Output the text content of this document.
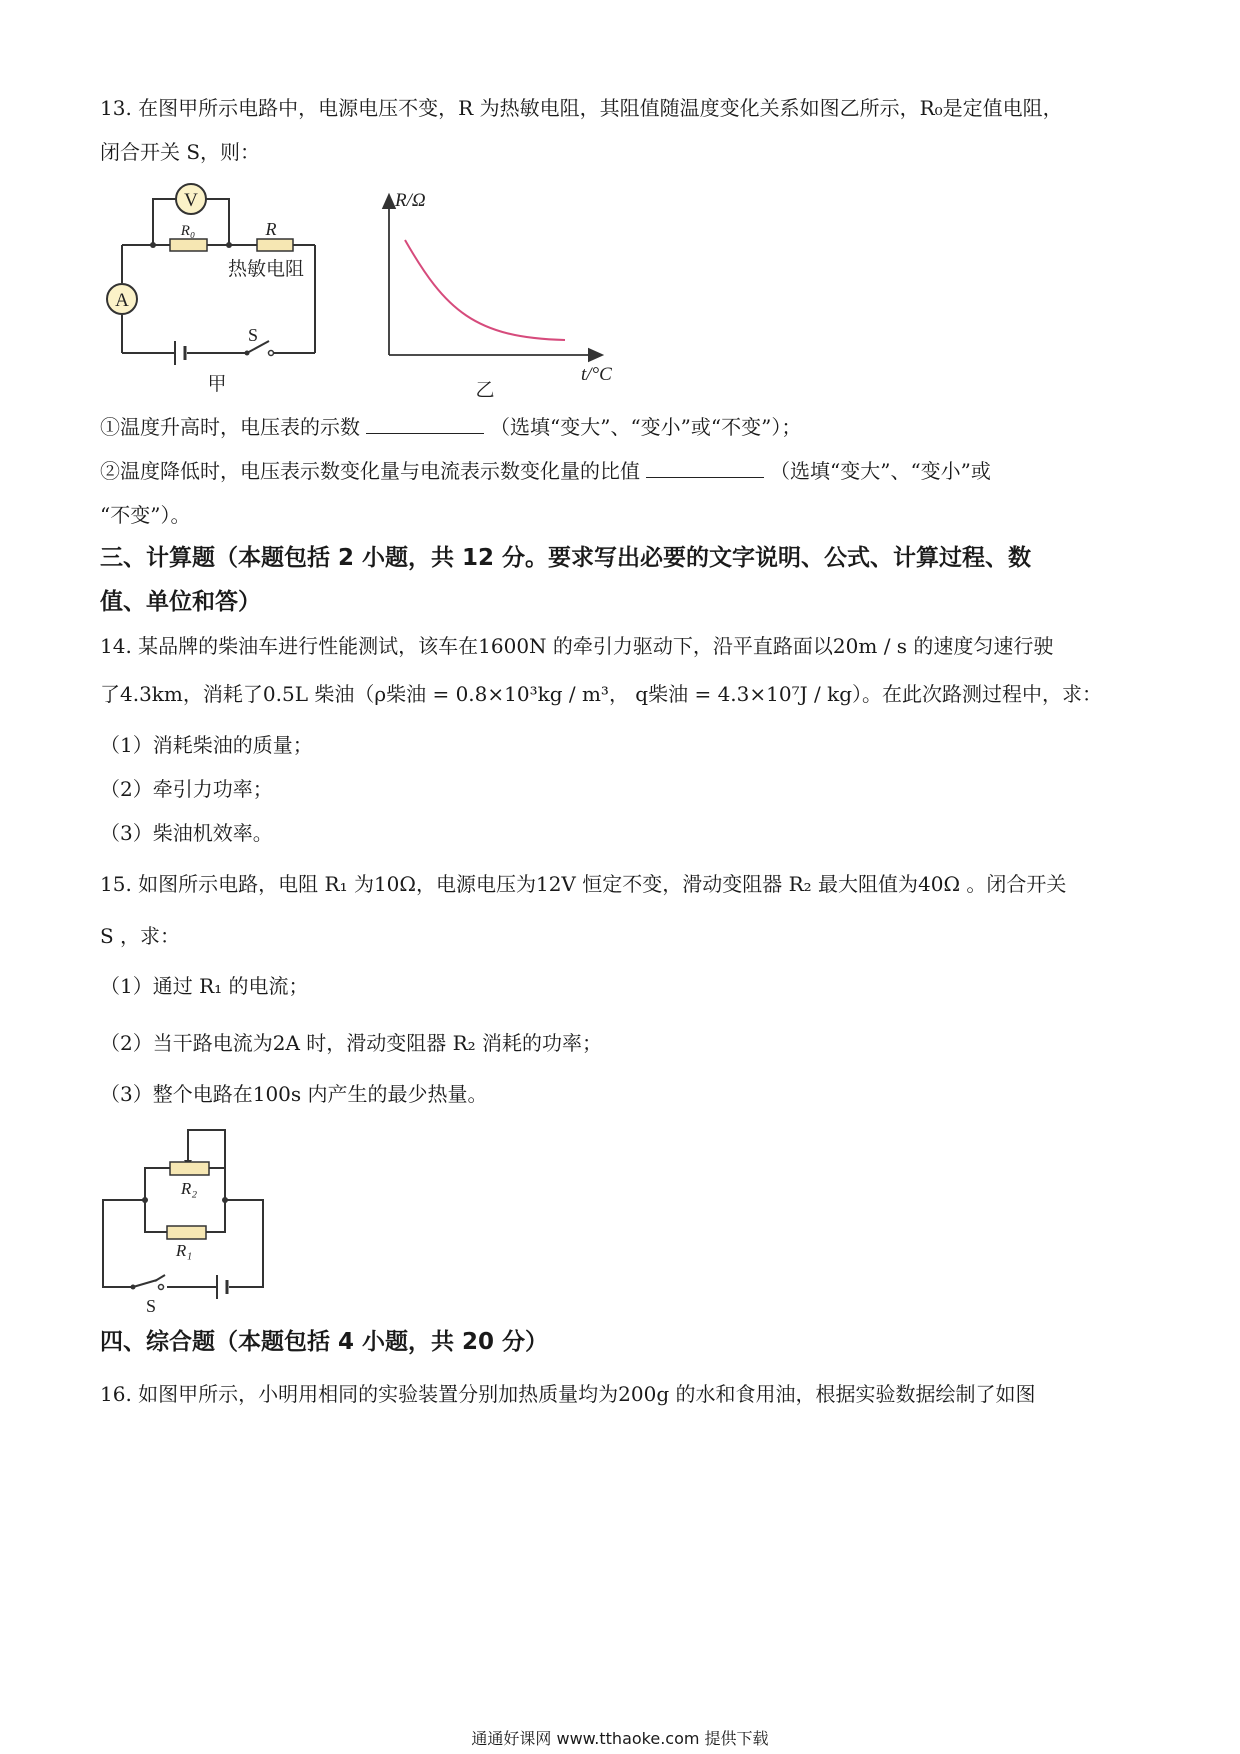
13. 在图甲所示电路中，电源电压不变，R 为热敏电阻，其阻值随温度变化关系如图乙所示，R₀是定值电阻，
闭合开关 S，则：
V
A
R₀	R
热敏电阻
S
甲
R/Ω
t/°C
乙
①温度升高时，电压表的示数	（选填“变大”、“变小”或“不变”）；
②温度降低时，电压表示数变化量与电流表示数变化量的比值	（选填“变大”、“变小”或
“不变”）。
三、计算题（本题包括 2 小题，共 12 分。要求写出必要的文字说明、公式、计算过程、数
值、单位和答）
14. 某品牌的柴油车进行性能测试，该车在1600N 的牵引力驱动下，沿平直路面以20m / s 的速度匀速行驶
了4.3km，消耗了0.5L 柴油（ρ柴油 = 0.8×10³kg / m³， q柴油 = 4.3×10⁷J / kg）。在此次路测过程中，求：
（1）消耗柴油的质量；
（2）牵引力功率；
（3）柴油机效率。
15. 如图所示电路，电阻 R₁ 为10Ω，电源电压为12V 恒定不变，滑动变阻器 R₂ 最大阻值为40Ω 。闭合开关
S ，求：
（1）通过 R₁ 的电流；
（2）当干路电流为2A 时，滑动变阻器 R₂ 消耗的功率；
（3）整个电路在100s 内产生的最少热量。
R₂
R₁
S
四、综合题（本题包括 4 小题，共 20 分）
16. 如图甲所示，小明用相同的实验装置分别加热质量均为200g 的水和食用油，根据实验数据绘制了如图
通通好课网 www.tthaoke.com 提供下载
